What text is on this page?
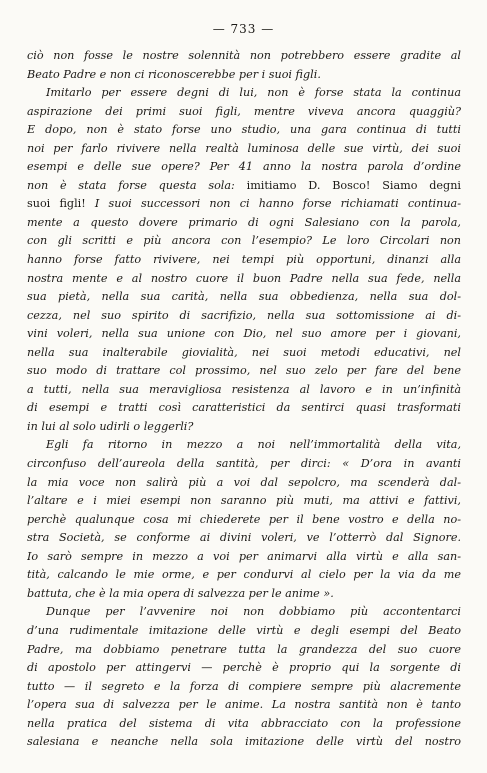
— 733 —
ciò non fosse le nostre solennità non potrebbero essere gradite al
Beato Padre e non ci riconoscerebbe per i suoi figli.
Imitarlo per essere degni di lui, non è forse stata la continua
aspirazione dei primi suoi figli, mentre viveva ancora quaggiù?
E dopo, non è stato forse uno studio, una gara continua di tutti
noi per farlo rivivere nella realtà luminosa delle sue virtù, dei suoi
esempi e delle sue opere? Per 41 anno la nostra parola d’ordine
non è stata forse questa sola: imitiamo D. Bosco! Siamo degni
suoi figli! I suoi successori non ci hanno forse richiamati continua-
mente a questo dovere primario di ogni Salesiano con la parola,
con gli scritti e più ancora con l’esempio? Le loro Circolari non
hanno forse fatto rivivere, nei tempi più opportuni, dinanzi alla
nostra mente e al nostro cuore il buon Padre nella sua fede, nella
sua pietà, nella sua carità, nella sua obbedienza, nella sua dol-
cezza, nel suo spirito di sacrifizio, nella sua sottomissione ai di-
vini voleri, nella sua unione con Dio, nel suo amore per i giovani,
nella sua inalterabile giovialità, nei suoi metodi educativi, nel
suo modo di trattare col prossimo, nel suo zelo per fare del bene
a tutti, nella sua meravigliosa resistenza al lavoro e in un’infinità
di esempi e tratti così caratteristici da sentirci quasi trasformati
in lui al solo udirli o leggerli?
Egli fa ritorno in mezzo a noi nell’immortalità della vita,
circonfuso dell’aureola della santità, per dirci: « D’ora in avanti
la mia voce non salirà più a voi dal sepolcro, ma scenderà dal-
l’altare e i miei esempi non saranno più muti, ma attivi e fattivi,
perchè qualunque cosa mi chiederete per il bene vostro e della no-
stra Società, se conforme ai divini voleri, ve l’otterrò dal Signore.
Io sarò sempre in mezzo a voi per animarvi alla virtù e alla san-
tità, calcando le mie orme, e per condurvi al cielo per la via da me
battuta, che è la mia opera di salvezza per le anime ».
Dunque per l’avvenire noi non dobbiamo più accontentarci
d’una rudimentale imitazione delle virtù e degli esempi del Beato
Padre, ma dobbiamo penetrare tutta la grandezza del suo cuore
di apostolo per attingervi — perchè è proprio qui la sorgente di
tutto — il segreto e la forza di compiere sempre più alacremente
l’opera sua di salvezza per le anime. La nostra santità non è tanto
nella pratica del sistema di vita abbracciato con la professione
salesiana e neanche nella sola imitazione delle virtù del nostro
